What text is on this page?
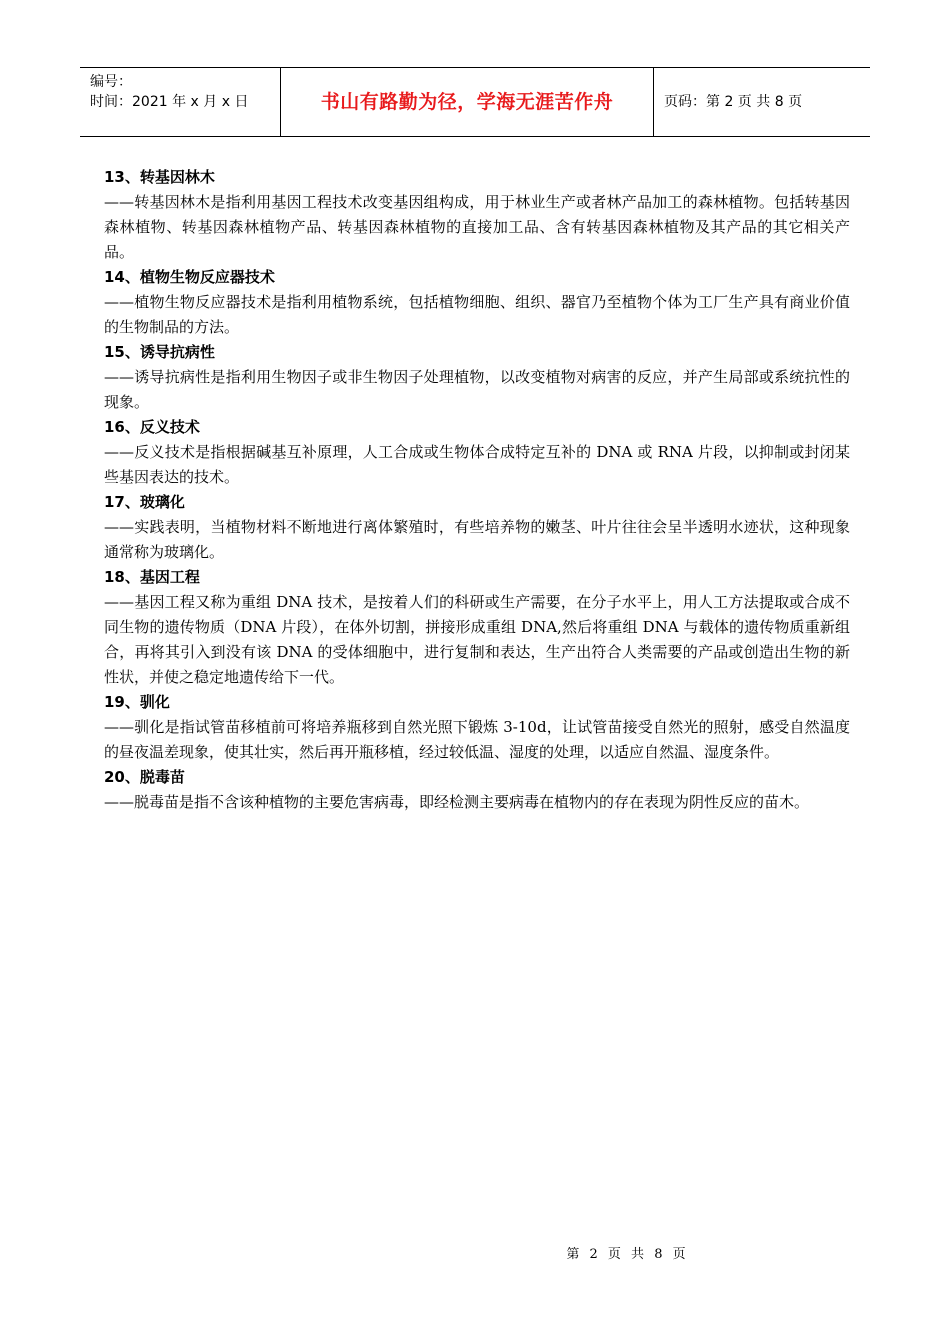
编号：
时间：2021 年 x 月 x 日	书山有路勤为径，学海无涯苦作舟	页码：第 2 页 共 8 页
13、转基因林木
——转基因林木是指利用基因工程技术改变基因组构成，用于林业生产或者林产品加工的森林植物。包括转基因森林植物、转基因森林植物产品、转基因森林植物的直接加工品、含有转基因森林植物及其产品的其它相关产品。
14、植物生物反应器技术
——植物生物反应器技术是指利用植物系统，包括植物细胞、组织、器官乃至植物个体为工厂生产具有商业价值的生物制品的方法。
15、诱导抗病性
——诱导抗病性是指利用生物因子或非生物因子处理植物，以改变植物对病害的反应，并产生局部或系统抗性的现象。
16、反义技术
——反义技术是指根据碱基互补原理，人工合成或生物体合成特定互补的 DNA 或 RNA 片段，以抑制或封闭某些基因表达的技术。
17、玻璃化
——实践表明，当植物材料不断地进行离体繁殖时，有些培养物的嫩茎、叶片往往会呈半透明水迹状，这种现象通常称为玻璃化。
18、基因工程
——基因工程又称为重组 DNA 技术，是按着人们的科研或生产需要，在分子水平上，用人工方法提取或合成不同生物的遗传物质（DNA 片段），在体外切割，拼接形成重组 DNA,然后将重组 DNA 与载体的遗传物质重新组合，再将其引入到没有该 DNA 的受体细胞中，进行复制和表达，生产出符合人类需要的产品或创造出生物的新性状，并使之稳定地遗传给下一代。
19、驯化
——驯化是指试管苗移植前可将培养瓶移到自然光照下锻炼 3-10d，让试管苗接受自然光的照射，感受自然温度的昼夜温差现象，使其壮实，然后再开瓶移植，经过较低温、湿度的处理，以适应自然温、湿度条件。
20、脱毒苗
——脱毒苗是指不含该种植物的主要危害病毒，即经检测主要病毒在植物内的存在表现为阴性反应的苗木。
第 2 页 共 8 页
